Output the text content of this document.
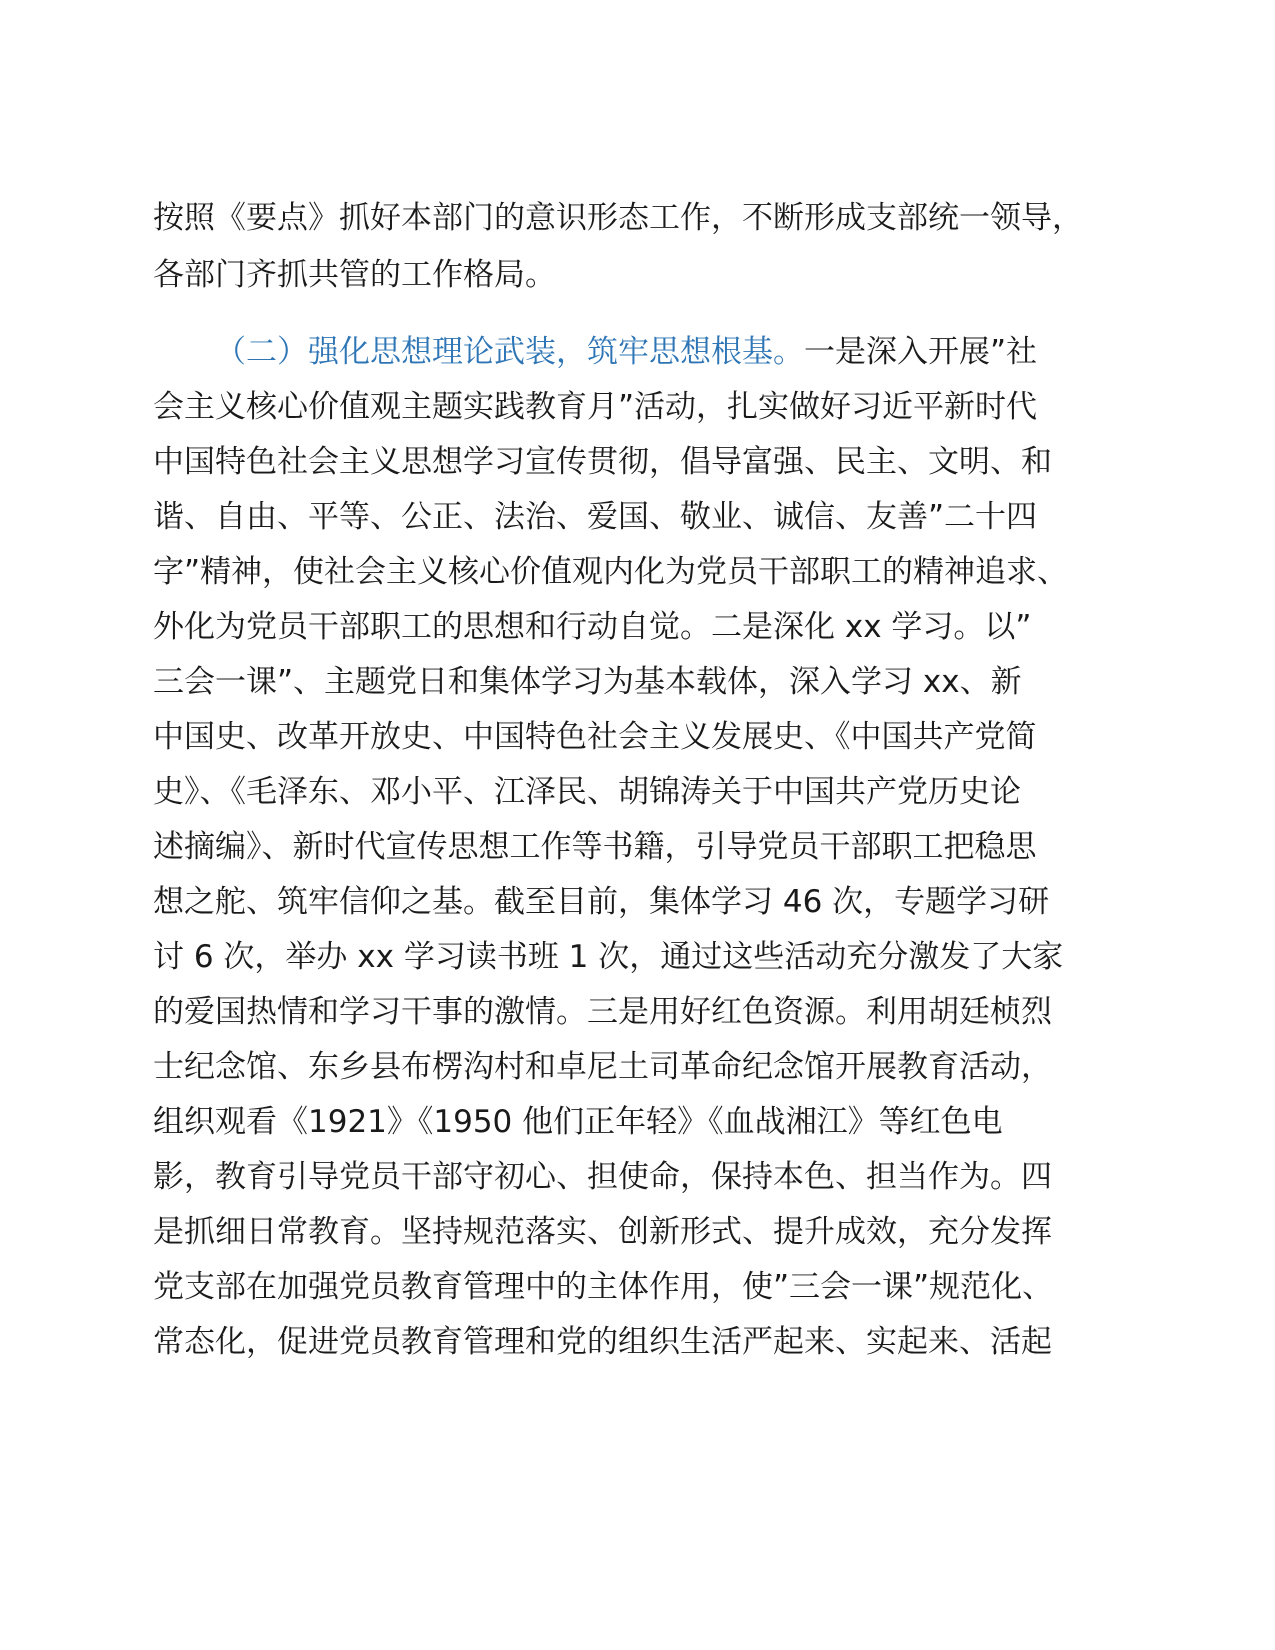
按照《要点》抓好本部门的意识形态工作，不断形成支部统一领导，
各部门齐抓共管的工作格局。
（二）强化思想理论武装，筑牢思想根基。一是深入开展”社
会主义核心价值观主题实践教育月”活动，扎实做好习近平新时代
中国特色社会主义思想学习宣传贯彻，倡导富强、民主、文明、和
谐、自由、平等、公正、法治、爱国、敬业、诚信、友善”二十四
字”精神，使社会主义核心价值观内化为党员干部职工的精神追求、
外化为党员干部职工的思想和行动自觉。二是深化 xx 学习。以”
三会一课”、主题党日和集体学习为基本载体，深入学习 xx、新
中国史、改革开放史、中国特色社会主义发展史、《中国共产党简
史》、《毛泽东、邓小平、江泽民、胡锦涛关于中国共产党历史论
述摘编》、新时代宣传思想工作等书籍，引导党员干部职工把稳思
想之舵、筑牢信仰之基。截至目前，集体学习 46 次，专题学习研
讨 6 次，举办 xx 学习读书班 1 次，通过这些活动充分激发了大家
的爱国热情和学习干事的激情。三是用好红色资源。利用胡廷桢烈
士纪念馆、东乡县布楞沟村和卓尼土司革命纪念馆开展教育活动，
组织观看《1921》《1950 他们正年轻》《血战湘江》等红色电
影，教育引导党员干部守初心、担使命，保持本色、担当作为。四
是抓细日常教育。坚持规范落实、创新形式、提升成效，充分发挥
党支部在加强党员教育管理中的主体作用，使”三会一课”规范化、
常态化，促进党员教育管理和党的组织生活严起来、实起来、活起
